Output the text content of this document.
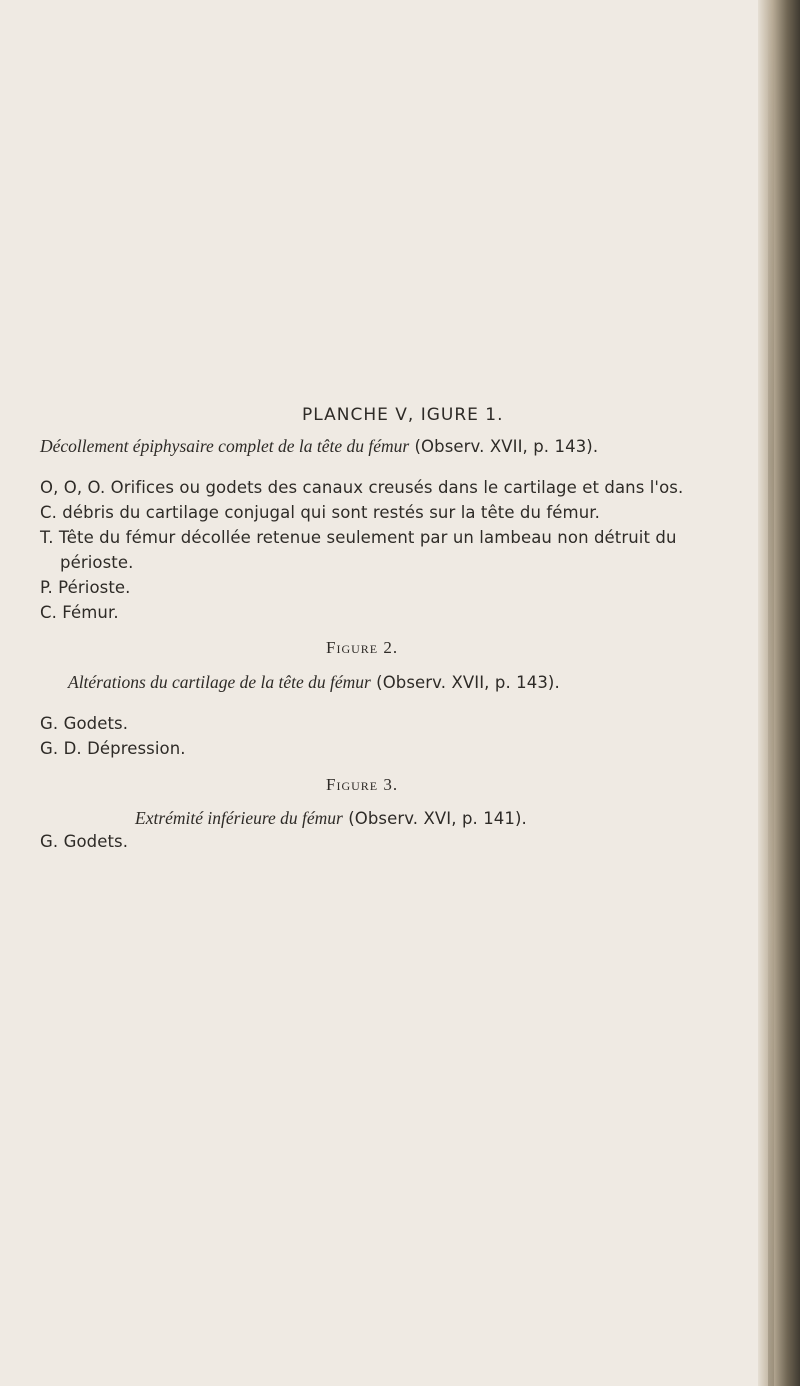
PLANCHE V, IGURE 1.
Décollement épiphysaire complet de la tête du fémur (Observ. XVII, p. 143).
O, O, O. Orifices ou godets des canaux creusés dans le cartilage et dans l'os.
C. débris du cartilage conjugal qui sont restés sur la tête du fémur.
T. Tête du fémur décollée retenue seulement par un lambeau non détruit du
périoste.
P. Périoste.
C. Fémur.
Figure 2.
Altérations du cartilage de la tête du fémur (Observ. XVII, p. 143).
G. Godets.
G. D. Dépression.
Figure 3.
Extrémité inférieure du fémur (Observ. XVI, p. 141).
G. Godets.
